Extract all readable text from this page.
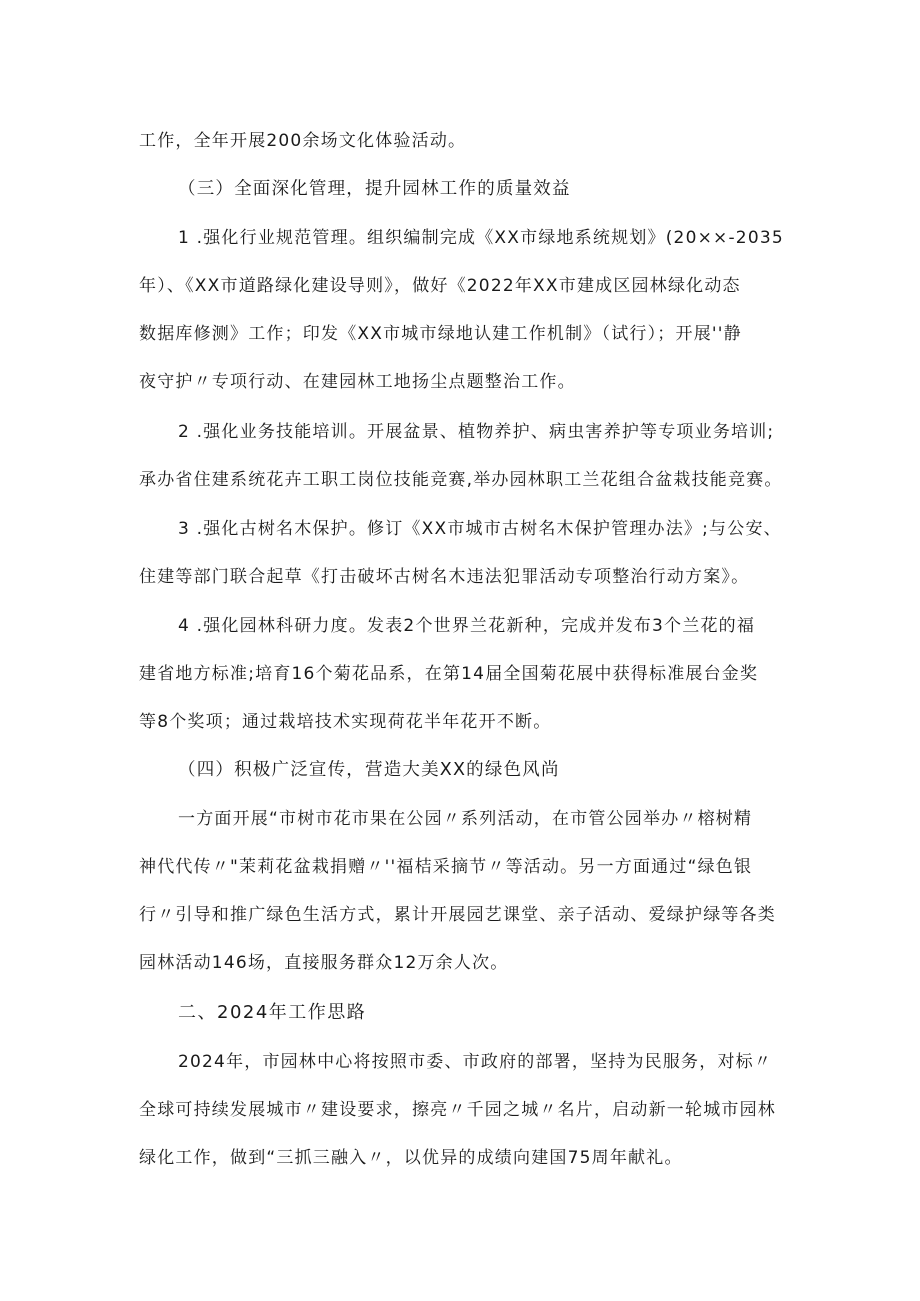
工作，全年开展200余场文化体验活动。
（三）全面深化管理，提升园林工作的质量效益
1 .强化行业规范管理。组织编制完成《XX市绿地系统规划》(20××-2035
年）、《XX市道路绿化建设导则》，做好《2022年XX市建成区园林绿化动态
数据库修测》工作；印发《XX市城市绿地认建工作机制》（试行）；开展''静
夜守护〃专项行动、在建园林工地扬尘点题整治工作。
2 .强化业务技能培训。开展盆景、植物养护、病虫害养护等专项业务培训;
承办省住建系统花卉工职工岗位技能竞赛,举办园林职工兰花组合盆栽技能竞赛。
3 .强化古树名木保护。修订《XX市城市古树名木保护管理办法》;与公安、
住建等部门联合起草《打击破坏古树名木违法犯罪活动专项整治行动方案》。
4 .强化园林科研力度。发表2个世界兰花新种，完成并发布3个兰花的福
建省地方标准;培育16个菊花品系，在第14届全国菊花展中获得标准展台金奖
等8个奖项；通过栽培技术实现荷花半年花开不断。
（四）积极广泛宣传，营造大美XX的绿色风尚
一方面开展“市树市花市果在公园〃系列活动，在市管公园举办〃榕树精
神代代传〃"茉莉花盆栽捐赠〃''福桔采摘节〃等活动。另一方面通过“绿色银
行〃引导和推广绿色生活方式，累计开展园艺课堂、亲子活动、爱绿护绿等各类
园林活动146场，直接服务群众12万余人次。
二、2024年工作思路
2024年，市园林中心将按照市委、市政府的部署，坚持为民服务，对标〃
全球可持续发展城市〃建设要求，擦亮〃千园之城〃名片，启动新一轮城市园林
绿化工作，做到“三抓三融入〃，以优异的成绩向建国75周年献礼。
